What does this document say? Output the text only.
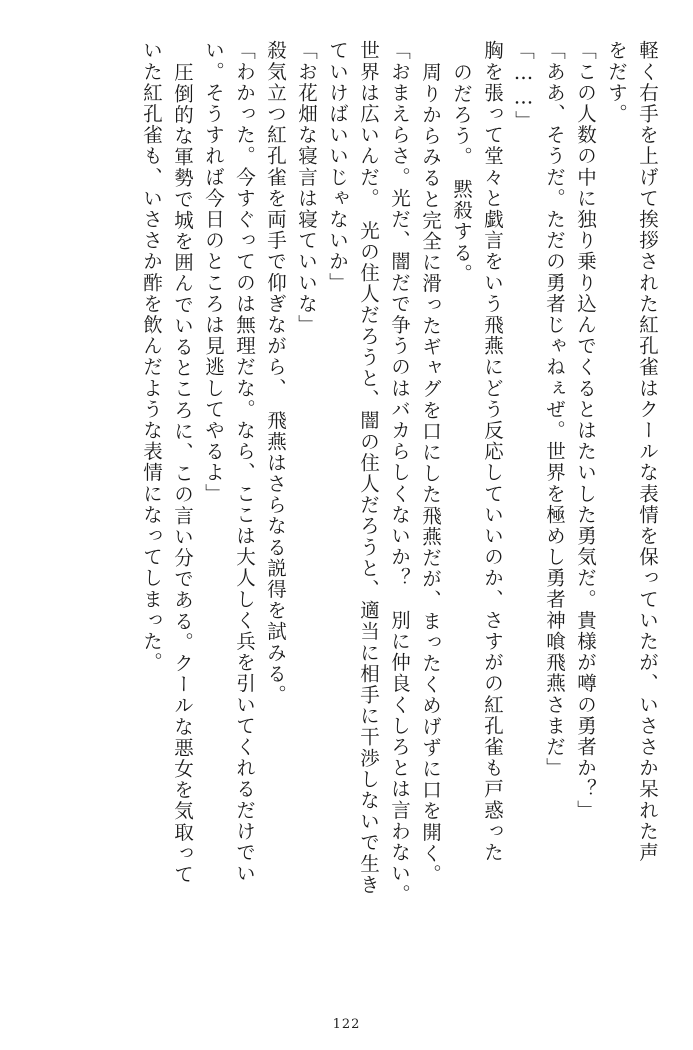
軽く右手を上げて挨拶された紅孔雀はクールな表情を保っていたが、いささか呆れた声
をだす。
「この人数の中に独り乗り込んでくるとはたいした勇気だ。貴様が噂の勇者か？」
「ああ、そうだ。ただの勇者じゃねぇぜ。世界を極めし勇者神喰飛燕さまだ」
「……」
胸を張って堂々と戯言をいう飛燕にどう反応していいのか、さすがの紅孔雀も戸惑った
のだろう。　黙殺する。
周りからみると完全に滑ったギャグを口にした飛燕だが、まったくめげずに口を開く。
「おまえらさ。光だ、闇だで争うのはバカらしくないか？　別に仲良くしろとは言わない。
世界は広いんだ。　光の住人だろうと、闇の住人だろうと、適当に相手に干渉しないで生き
ていけばいいじゃないか」
「お花畑な寝言は寝ていいな」
殺気立つ紅孔雀を両手で仰ぎながら、　飛燕はさらなる説得を試みる。
「わかった。今すぐってのは無理だな。なら、ここは大人しく兵を引いてくれるだけでい
い。そうすれば今日のところは見逃してやるよ」
圧倒的な軍勢で城を囲んでいるところに、この言い分である。クールな悪女を気取って
いた紅孔雀も、いささか酢を飲んだような表情になってしまった。
122
